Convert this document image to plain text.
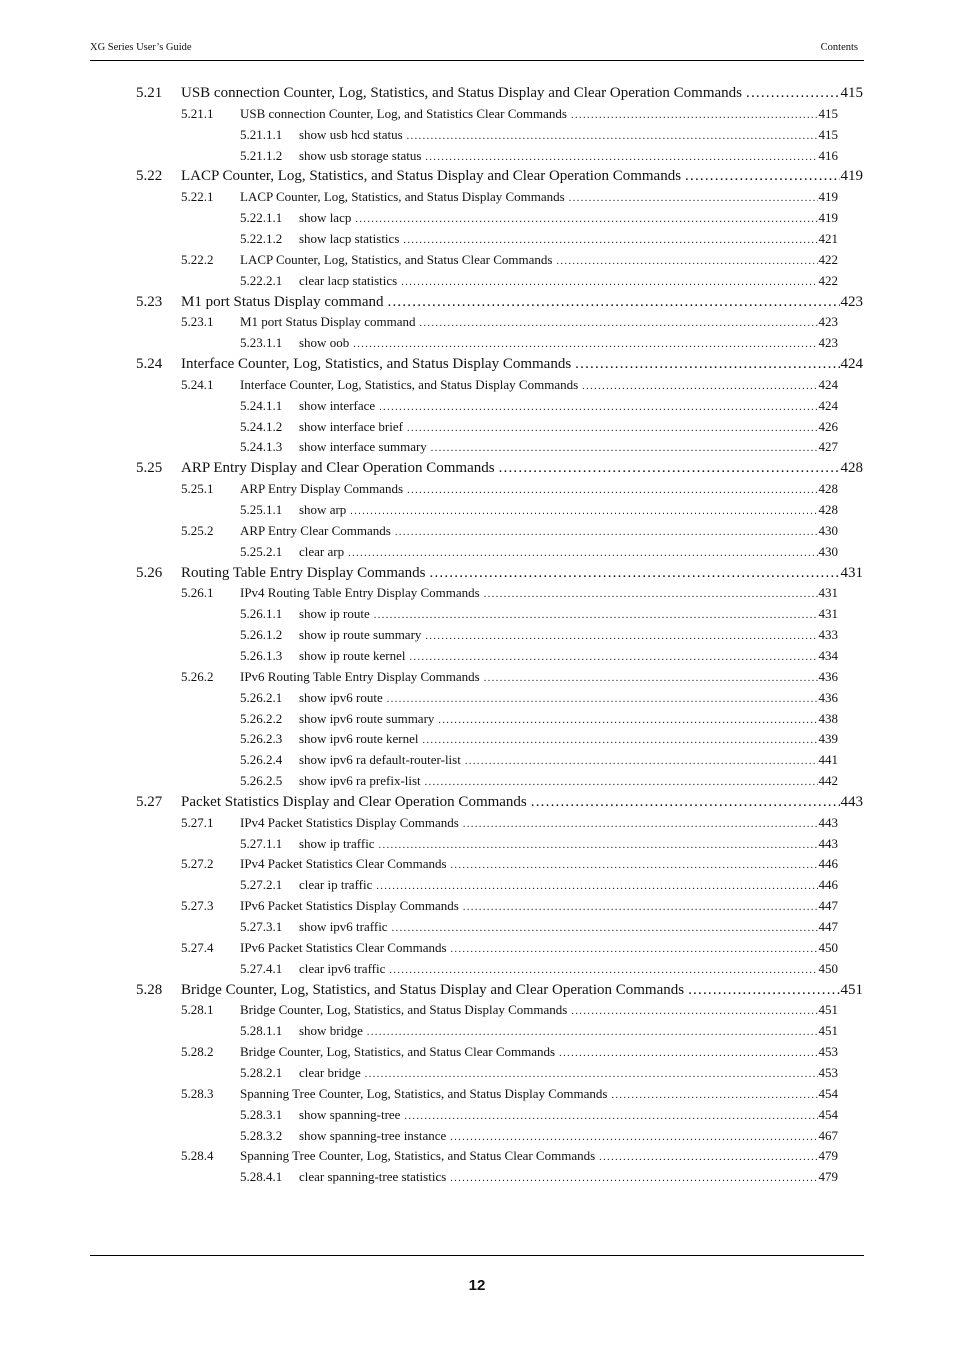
XG Series User’s Guide	Contents
5.21	USB connection Counter, Log, Statistics, and Status Display and Clear Operation Commands .....	415
5.21.1	USB connection Counter, Log, and Statistics Clear Commands .....	415
5.21.1.1	show usb hcd status .....	415
5.21.1.2	show usb storage status .....	416
5.22	LACP Counter, Log, Statistics, and Status Display and Clear Operation Commands .....	419
5.22.1	LACP Counter, Log, Statistics, and Status Display Commands .....	419
5.22.1.1	show lacp .....	419
5.22.1.2	show lacp statistics .....	421
5.22.2	LACP Counter, Log, Statistics, and Status Clear Commands .....	422
5.22.2.1	clear lacp statistics .....	422
5.23	M1 port Status Display command .....	423
5.23.1	M1 port Status Display command .....	423
5.23.1.1	show oob .....	423
5.24	Interface Counter, Log, Statistics, and Status Display Commands .....	424
5.24.1	Interface Counter, Log, Statistics, and Status Display Commands .....	424
5.24.1.1	show interface .....	424
5.24.1.2	show interface brief .....	426
5.24.1.3	show interface summary .....	427
5.25	ARP Entry Display and Clear Operation Commands .....	428
5.25.1	ARP Entry Display Commands .....	428
5.25.1.1	show arp .....	428
5.25.2	ARP Entry Clear Commands .....	430
5.25.2.1	clear arp .....	430
5.26	Routing Table Entry Display Commands .....	431
5.26.1	IPv4 Routing Table Entry Display Commands .....	431
5.26.1.1	show ip route .....	431
5.26.1.2	show ip route summary .....	433
5.26.1.3	show ip route kernel .....	434
5.26.2	IPv6 Routing Table Entry Display Commands .....	436
5.26.2.1	show ipv6 route .....	436
5.26.2.2	show ipv6 route summary .....	438
5.26.2.3	show ipv6 route kernel .....	439
5.26.2.4	show ipv6 ra default-router-list .....	441
5.26.2.5	show ipv6 ra prefix-list .....	442
5.27	Packet Statistics Display and Clear Operation Commands .....	443
5.27.1	IPv4 Packet Statistics Display Commands .....	443
5.27.1.1	show ip traffic .....	443
5.27.2	IPv4 Packet Statistics Clear Commands .....	446
5.27.2.1	clear ip traffic .....	446
5.27.3	IPv6 Packet Statistics Display Commands .....	447
5.27.3.1	show ipv6 traffic .....	447
5.27.4	IPv6 Packet Statistics Clear Commands .....	450
5.27.4.1	clear ipv6 traffic .....	450
5.28	Bridge Counter, Log, Statistics, and Status Display and Clear Operation Commands .....	451
5.28.1	Bridge Counter, Log, Statistics, and Status Display Commands .....	451
5.28.1.1	show bridge .....	451
5.28.2	Bridge Counter, Log, Statistics, and Status Clear Commands .....	453
5.28.2.1	clear bridge .....	453
5.28.3	Spanning Tree Counter, Log, Statistics, and Status Display Commands .....	454
5.28.3.1	show spanning-tree .....	454
5.28.3.2	show spanning-tree instance .....	467
5.28.4	Spanning Tree Counter, Log, Statistics, and Status Clear Commands .....	479
5.28.4.1	clear spanning-tree statistics .....	479
12
